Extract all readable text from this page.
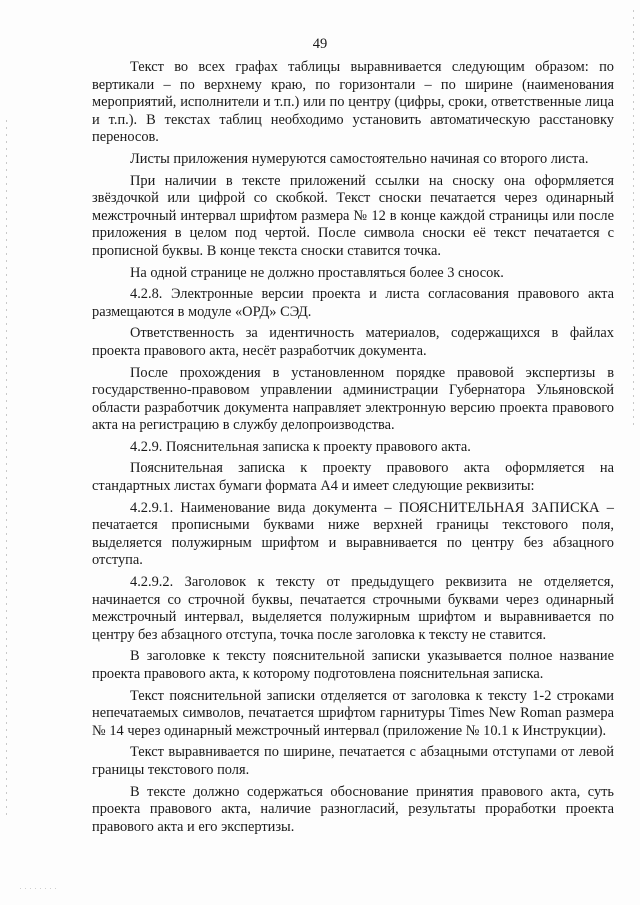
49

Текст во всех графах таблицы выравнивается следующим образом: по вертикали – по верхнему краю, по горизонтали – по ширине (наименования мероприятий, исполнители и т.п.) или по центру (цифры, сроки, ответственные лица и т.п.). В текстах таблиц необходимо установить автоматическую расстановку переносов.

Листы приложения нумеруются самостоятельно начиная со второго листа.

При наличии в тексте приложений ссылки на сноску она оформляется звёздочкой или цифрой со скобкой. Текст сноски печатается через одинарный межстрочный интервал шрифтом размера № 12 в конце каждой страницы или после приложения в целом под чертой. После символа сноски её текст печатается с прописной буквы. В конце текста сноски ставится точка.

На одной странице не должно проставляться более 3 сносок.

4.2.8. Электронные версии проекта и листа согласования правового акта размещаются в модуле «ОРД» СЭД.

Ответственность за идентичность материалов, содержащихся в файлах проекта правового акта, несёт разработчик документа.

После прохождения в установленном порядке правовой экспертизы в государственно-правовом управлении администрации Губернатора Ульяновской области разработчик документа направляет электронную версию проекта правового акта на регистрацию в службу делопроизводства.

4.2.9. Пояснительная записка к проекту правового акта.

Пояснительная записка к проекту правового акта оформляется на стандартных листах бумаги формата А4 и имеет следующие реквизиты:

4.2.9.1. Наименование вида документа – ПОЯСНИТЕЛЬНАЯ ЗАПИСКА – печатается прописными буквами ниже верхней границы текстового поля, выделяется полужирным шрифтом и выравнивается по центру без абзацного отступа.

4.2.9.2. Заголовок к тексту от предыдущего реквизита не отделяется, начинается со строчной буквы, печатается строчными буквами через одинарный межстрочный интервал, выделяется полужирным шрифтом и выравнивается по центру без абзацного отступа, точка после заголовка к тексту не ставится.

В заголовке к тексту пояснительной записки указывается полное название проекта правового акта, к которому подготовлена пояснительная записка.

Текст пояснительной записки отделяется от заголовка к тексту 1-2 строками непечатаемых символов, печатается шрифтом гарнитуры Times New Roman размера № 14 через одинарный межстрочный интервал (приложение № 10.1 к Инструкции).

Текст выравнивается по ширине, печатается с абзацными отступами от левой границы текстового поля.

В тексте должно содержаться обоснование принятия правового акта, суть проекта правового акта, наличие разногласий, результаты проработки проекта правового акта и его экспертизы.
